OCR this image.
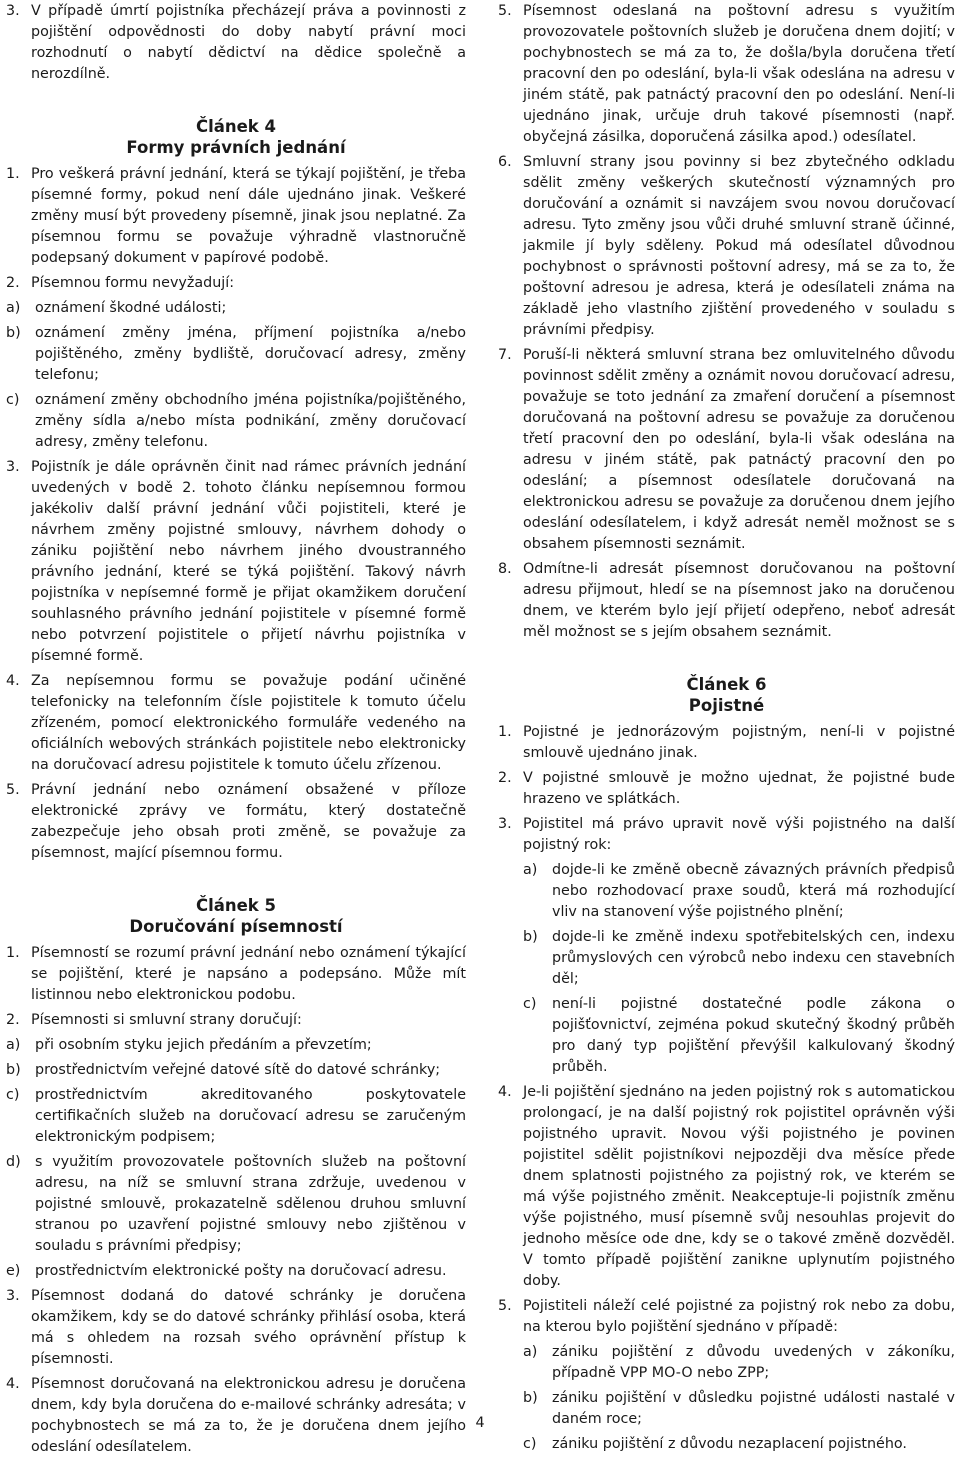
3. V případě úmrtí pojistníka přecházejí práva a povinnosti z pojištění odpovědnosti do doby nabytí právní moci rozhodnutí o nabytí dědictví na dědice společně a nerozdílně.
Článek 4
Formy právních jednání
1. Pro veškerá právní jednání, která se týkají pojištění, je třeba písemné formy, pokud není dále ujednáno jinak. Veškeré změny musí být provedeny písemně, jinak jsou neplatné. Za písemnou formu se považuje výhradně vlastnoručně podepsaný dokument v papírové podobě.
2. Písemnou formu nevyžadují:
a) oznámení škodné události;
b) oznámení změny jména, příjmení pojistníka a/nebo pojištěného, změny bydliště, doručovací adresy, změny telefonu;
c) oznámení změny obchodního jména pojistníka/pojištěného, změny sídla a/nebo místa podnikání, změny doručovací adresy, změny telefonu.
3. Pojistník je dále oprávněn činit nad rámec právních jednání uvedených v bodě 2. tohoto článku nepísemnou formou jakékoliv další právní jednání vůči pojistiteli, které je návrhem změny pojistné smlouvy, návrhem dohody o zániku pojištění nebo návrhem jiného dvoustranného právního jednání, které se týká pojištění. Takový návrh pojistníka v nepísemné formě je přijat okamžikem doručení souhlasného právního jednání pojistitele v písemné formě nebo potvrzení pojistitele o přijetí návrhu pojistníka v písemné formě.
4. Za nepísemnou formu se považuje podání učiněné telefonicky na telefonním čísle pojistitele k tomuto účelu zřízeném, pomocí elektronického formuláře vedeného na oficiálních webových stránkách pojistitele nebo elektronicky na doručovací adresu pojistitele k tomuto účelu zřízenou.
5. Právní jednání nebo oznámení obsažené v příloze elektronické zprávy ve formátu, který dostatečně zabezpečuje jeho obsah proti změně, se považuje za písemnost, mající písemnou formu.
Článek 5
Doručování písemností
1. Písemností se rozumí právní jednání nebo oznámení týkající se pojištění, které je napsáno a podepsáno. Může mít listinnou nebo elektronickou podobu.
2. Písemnosti si smluvní strany doručují:
a) při osobním styku jejich předáním a převzetím;
b) prostřednictvím veřejné datové sítě do datové schránky;
c) prostřednictvím akreditovaného poskytovatele certifikačních služeb na doručovací adresu se zaručeným elektronickým podpisem;
d) s využitím provozovatele poštovních služeb na poštovní adresu, na níž se smluvní strana zdržuje, uvedenou v pojistné smlouvě, prokazatelně sdělenou druhou smluvní stranou po uzavření pojistné smlouvy nebo zjištěnou v souladu s právními předpisy;
e) prostřednictvím elektronické pošty na doručovací adresu.
3. Písemnost dodaná do datové schránky je doručena okamžikem, kdy se do datové schránky přihlásí osoba, která má s ohledem na rozsah svého oprávnění přístup k písemnosti.
4. Písemnost doručovaná na elektronickou adresu je doručena dnem, kdy byla doručena do e-mailové schránky adresáta; v pochybnostech se má za to, že je doručena dnem jejího odeslání odesílatelem.
5. Písemnost odeslaná na poštovní adresu s využitím provozovatele poštovních služeb je doručena dnem dojití; v pochybnostech se má za to, že došla/byla doručena třetí pracovní den po odeslání, byla-li však odeslána na adresu v jiném státě, pak patnáctý pracovní den po odeslání. Není-li ujednáno jinak, určuje druh takové písemnosti (např. obyčejná zásilka, doporučená zásilka apod.) odesílatel.
6. Smluvní strany jsou povinny si bez zbytečného odkladu sdělit změny veškerých skutečností významných pro doručování a oznámit si navzájem svou novou doručovací adresu. Tyto změny jsou vůči druhé smluvní straně účinné, jakmile jí byly sděleny. Pokud má odesílatel důvodnou pochybnost o správnosti poštovní adresy, má se za to, že poštovní adresou je adresa, která je odesílateli známa na základě jeho vlastního zjištění provedeného v souladu s právními předpisy.
7. Poruší-li některá smluvní strana bez omluvitelného důvodu povinnost sdělit změny a oznámit novou doručovací adresu, považuje se toto jednání za zmaření doručení a písemnost doručovaná na poštovní adresu se považuje za doručenou třetí pracovní den po odeslání, byla-li však odeslána na adresu v jiném státě, pak patnáctý pracovní den po odeslání; a písemnost odesílatele doručovaná na elektronickou adresu se považuje za doručenou dnem jejího odeslání odesílatelem, i když adresát neměl možnost se s obsahem písemnosti seznámit.
8. Odmítne-li adresát písemnost doručovanou na poštovní adresu přijmout, hledí se na písemnost jako na doručenou dnem, ve kterém bylo její přijetí odepřeno, neboť adresát měl možnost se s jejím obsahem seznámit.
Článek 6
Pojistné
1. Pojistné je jednorázovým pojistným, není-li v pojistné smlouvě ujednáno jinak.
2. V pojistné smlouvě je možno ujednat, že pojistné bude hrazeno ve splátkách.
3. Pojistitel má právo upravit nově výši pojistného na další pojistný rok:
a) dojde-li ke změně obecně závazných právních předpisů nebo rozhodovací praxe soudů, která má rozhodující vliv na stanovení výše pojistného plnění;
b) dojde-li ke změně indexu spotřebitelských cen, indexu průmyslových cen výrobců nebo indexu cen stavebních děl;
c) není-li pojistné dostatečné podle zákona o pojišťovnictví, zejména pokud skutečný škodný průběh pro daný typ pojištění převýšil kalkulovaný škodný průběh.
4. Je-li pojištění sjednáno na jeden pojistný rok s automatickou prolongací, je na další pojistný rok pojistitel oprávněn výši pojistného upravit. Novou výši pojistného je povinen pojistitel sdělit pojistníkovi nejpozději dva měsíce přede dnem splatnosti pojistného za pojistný rok, ve kterém se má výše pojistného změnit. Neakceptuje-li pojistník změnu výše pojistného, musí písemně svůj nesouhlas projevit do jednoho měsíce ode dne, kdy se o takové změně dozvěděl. V tomto případě pojištění zanikne uplynutím pojistného doby.
5. Pojistiteli náleží celé pojistné za pojistný rok nebo za dobu, na kterou bylo pojištění sjednáno v případě:
a) zániku pojištění z důvodu uvedených v zákoníku, případně VPP MO-O nebo ZPP;
b) zániku pojištění v důsledku pojistné události nastalé v daném roce;
c) zániku pojištění z důvodu nezaplacení pojistného.
4
